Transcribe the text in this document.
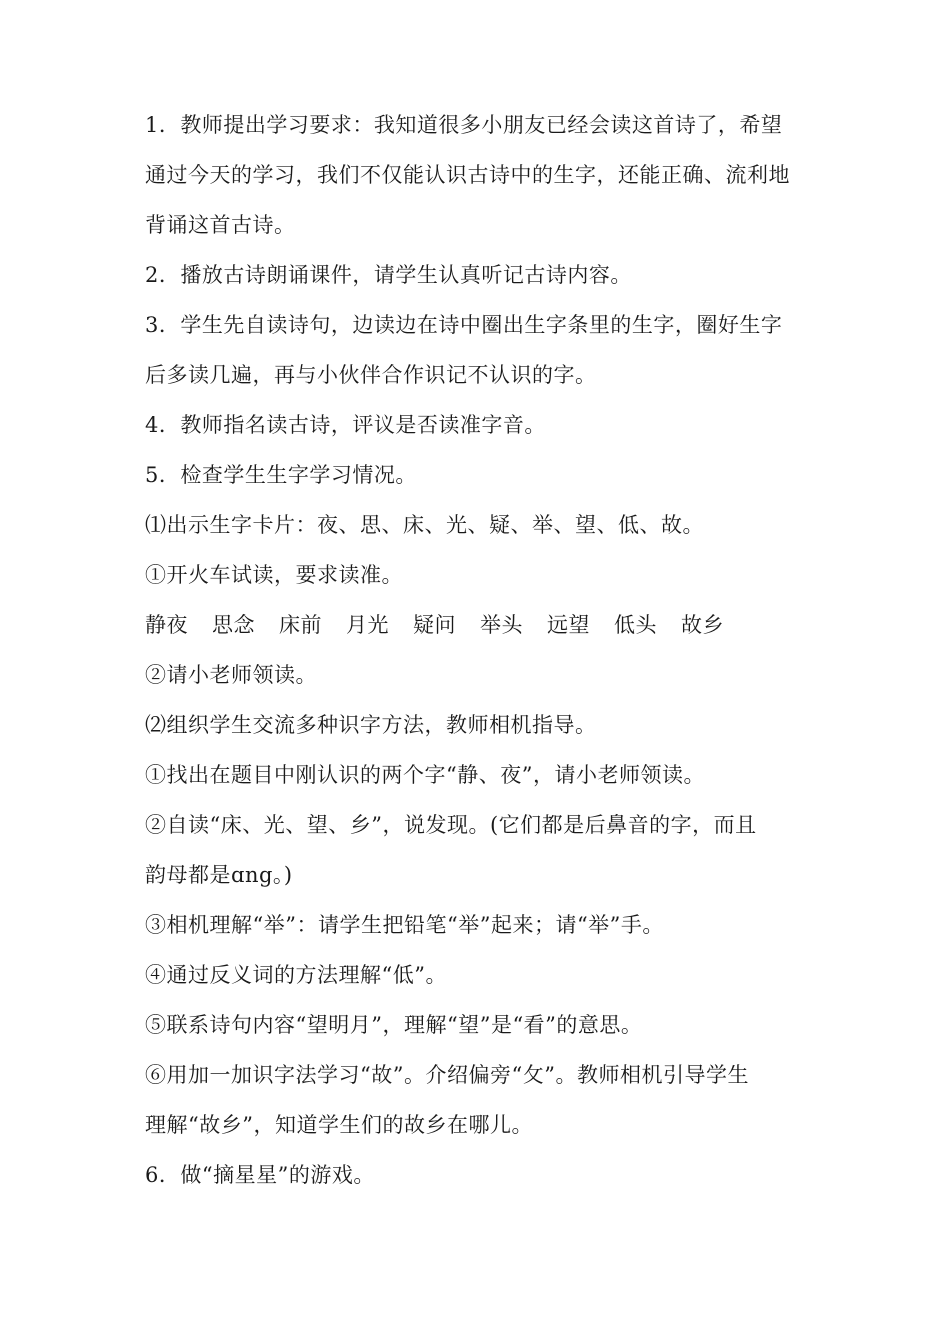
1．教师提出学习要求：我知道很多小朋友已经会读这首诗了，希望
通过今天的学习，我们不仅能认识古诗中的生字，还能正确、流利地
背诵这首古诗。
2．播放古诗朗诵课件，请学生认真听记古诗内容。
3．学生先自读诗句，边读边在诗中圈出生字条里的生字，圈好生字
后多读几遍，再与小伙伴合作识记不认识的字。
4．教师指名读古诗，评议是否读准字音。
5．检查学生生字学习情况。
⑴出示生字卡片：夜、思、床、光、疑、举、望、低、故。
①开火车试读，要求读准。
静夜 思念 床前 月光 疑问 举头 远望 低头 故乡
②请小老师领读。
⑵组织学生交流多种识字方法，教师相机指导。
①找出在题目中刚认识的两个字“静、夜”，请小老师领读。
②自读“床、光、望、乡”，说发现。(它们都是后鼻音的字，而且
韵母都是ɑng。)
③相机理解“举”：请学生把铅笔“举”起来；请“举”手。
④通过反义词的方法理解“低”。
⑤联系诗句内容“望明月”，理解“望”是“看”的意思。
⑥用加一加识字法学习“故”。介绍偏旁“攵”。教师相机引导学生
理解“故乡”，知道学生们的故乡在哪儿。
6．做“摘星星”的游戏。
